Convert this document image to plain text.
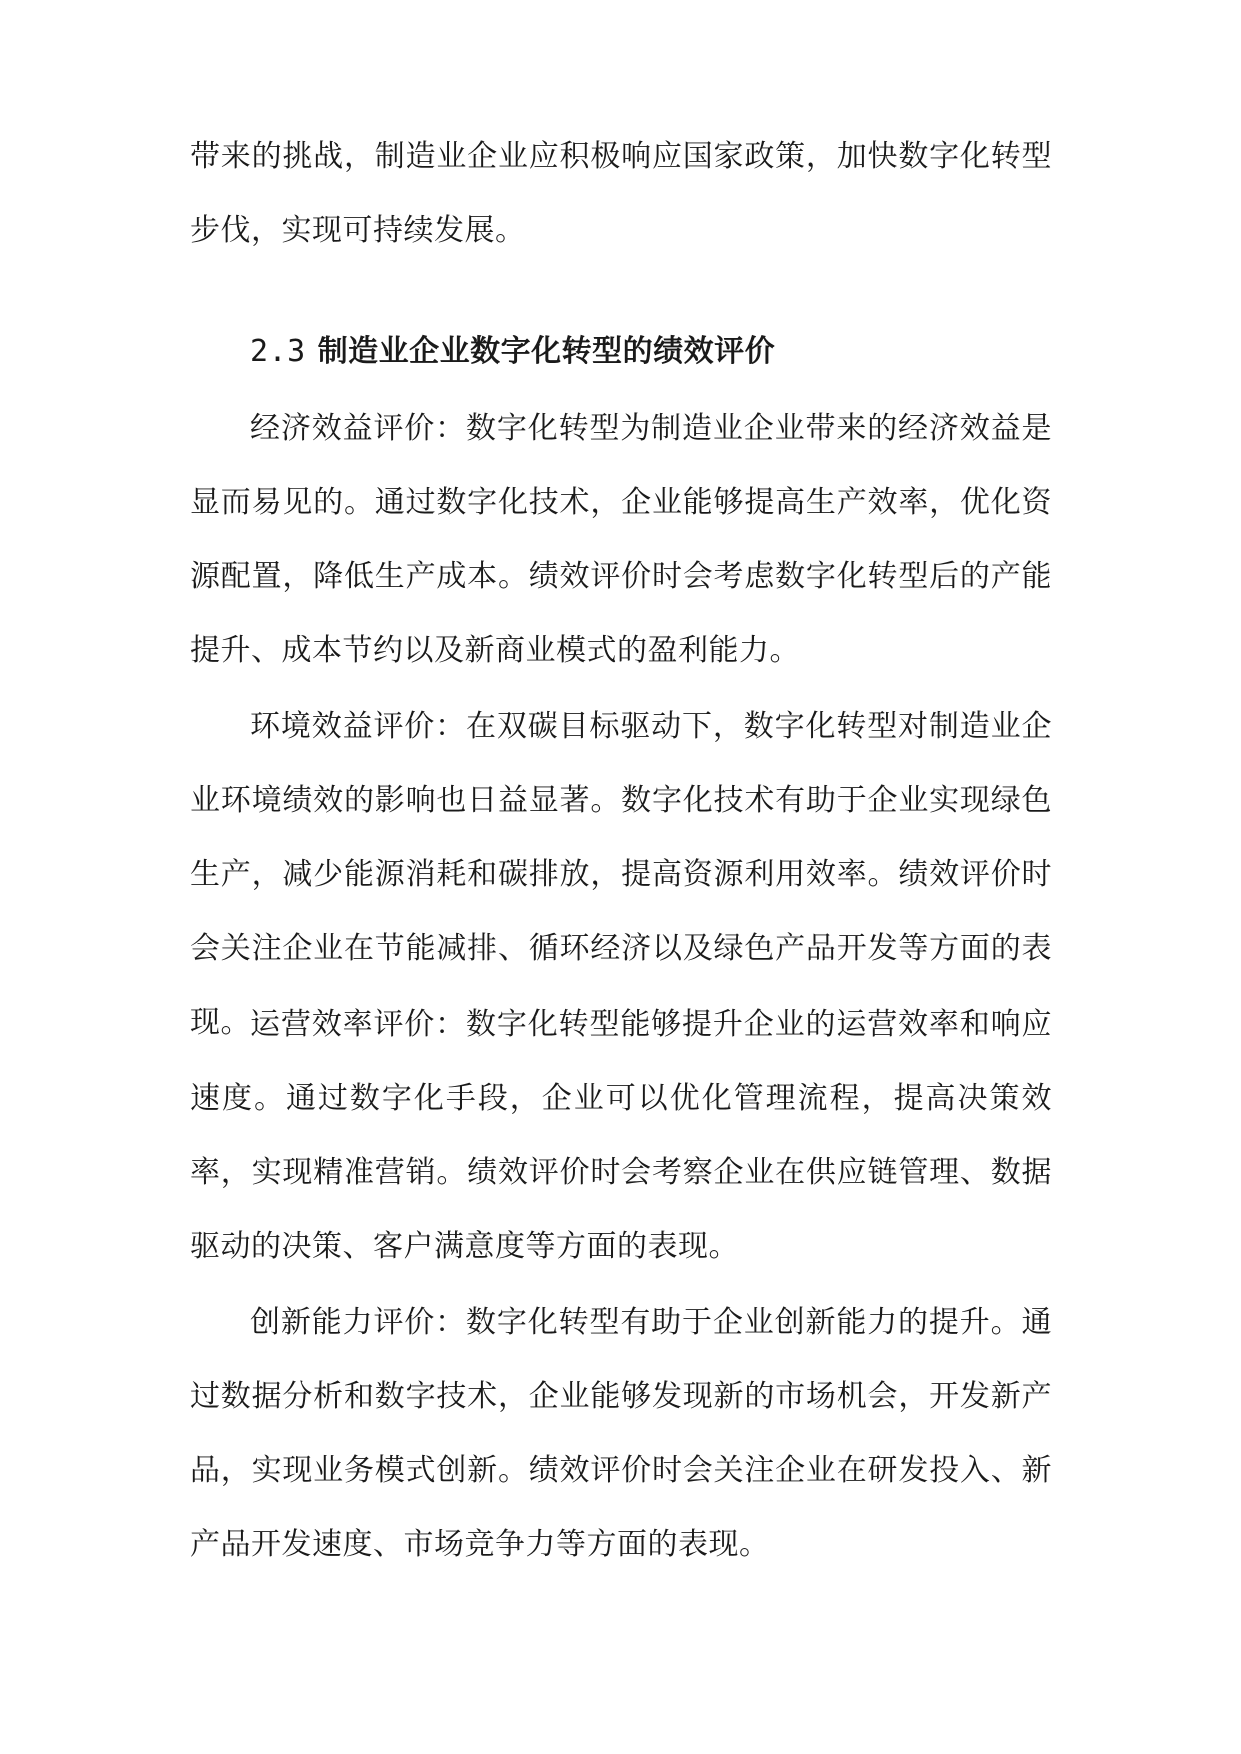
带来的挑战，制造业企业应积极响应国家政策，加快数字化转型步伐，实现可持续发展。

2.3 制造业企业数字化转型的绩效评价

经济效益评价：数字化转型为制造业企业带来的经济效益是显而易见的。通过数字化技术，企业能够提高生产效率，优化资源配置，降低生产成本。绩效评价时会考虑数字化转型后的产能提升、成本节约以及新商业模式的盈利能力。

环境效益评价：在双碳目标驱动下，数字化转型对制造业企业环境绩效的影响也日益显著。数字化技术有助于企业实现绿色生产，减少能源消耗和碳排放，提高资源利用效率。绩效评价时会关注企业在节能减排、循环经济以及绿色产品开发等方面的表现。 运营效率评价：数字化转型能够提升企业的运营效率和响应速度。通过数字化手段，企业可以优化管理流程，提高决策效率，实现精准营销。绩效评价时会考察企业在供应链管理、数据驱动的决策、客户满意度等方面的表现。

创新能力评价：数字化转型有助于企业创新能力的提升。通过数据分析和数字技术，企业能够发现新的市场机会，开发新产品，实现业务模式创新。绩效评价时会关注企业在研发投入、新产品开发速度、市场竞争力等方面的表现。
